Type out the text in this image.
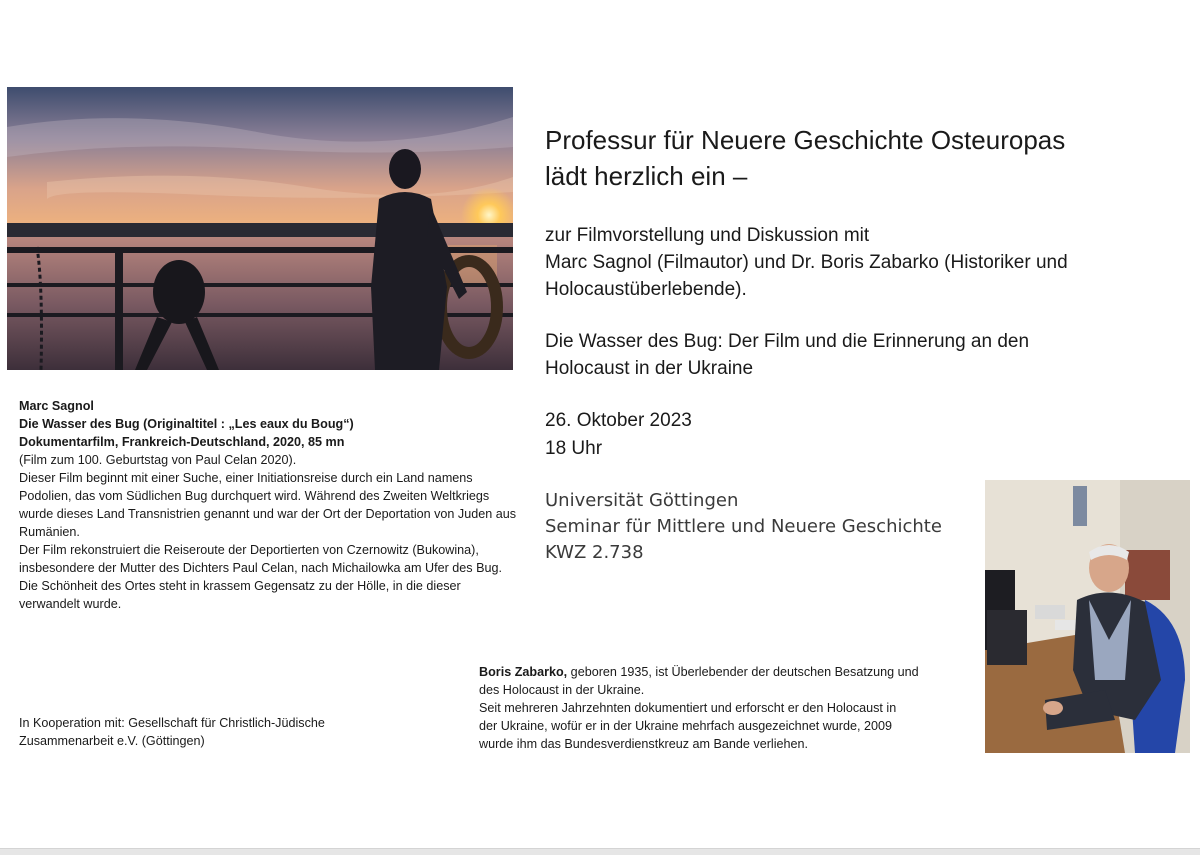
Professur für Neuere Geschichte Osteuropas
lädt herzlich ein –

zur Filmvorstellung und Diskussion mit
Marc Sagnol (Filmautor) und Dr. Boris Zabarko (Historiker und
Holocaustüberlebende).

Die Wasser des Bug: Der Film und die Erinnerung an den
Holocaust in der Ukraine

26. Oktober 2023
18 Uhr

Universität Göttingen
Seminar für Mittlere und Neuere Geschichte
KWZ 2.738

Marc Sagnol

Die Wasser des Bug (Originaltitel : „Les eaux du Boug“)

Dokumentarfilm, Frankreich-Deutschland, 2020, 85 mn

(Film zum 100. Geburtstag von Paul Celan 2020).

Dieser Film beginnt mit einer Suche, einer Initiationsreise durch ein Land namens Podolien, das vom Südlichen Bug durchquert wird. Während des Zweiten Weltkriegs wurde dieses Land Transnistrien genannt und war der Ort der Deportation von Juden aus Rumänien.

Der Film rekonstruiert die Reiseroute der Deportierten von Czernowitz (Bukowina), insbesondere der Mutter des Dichters Paul Celan, nach Michailowka am Ufer des Bug. Die Schönheit des Ortes steht in krassem Gegensatz zu der Hölle, in die dieser verwandelt wurde.

In Kooperation mit: Gesellschaft für Christlich-Jüdische Zusammenarbeit e.V. (Göttingen)

Boris Zabarko, geboren 1935, ist Überlebender der deutschen Besatzung und
des Holocaust in der Ukraine.
Seit mehreren Jahrzehnten dokumentiert und erforscht er den Holocaust in
der Ukraine, wofür er in der Ukraine mehrfach ausgezeichnet wurde, 2009
wurde ihm das Bundesverdienstkreuz am Bande verliehen.
